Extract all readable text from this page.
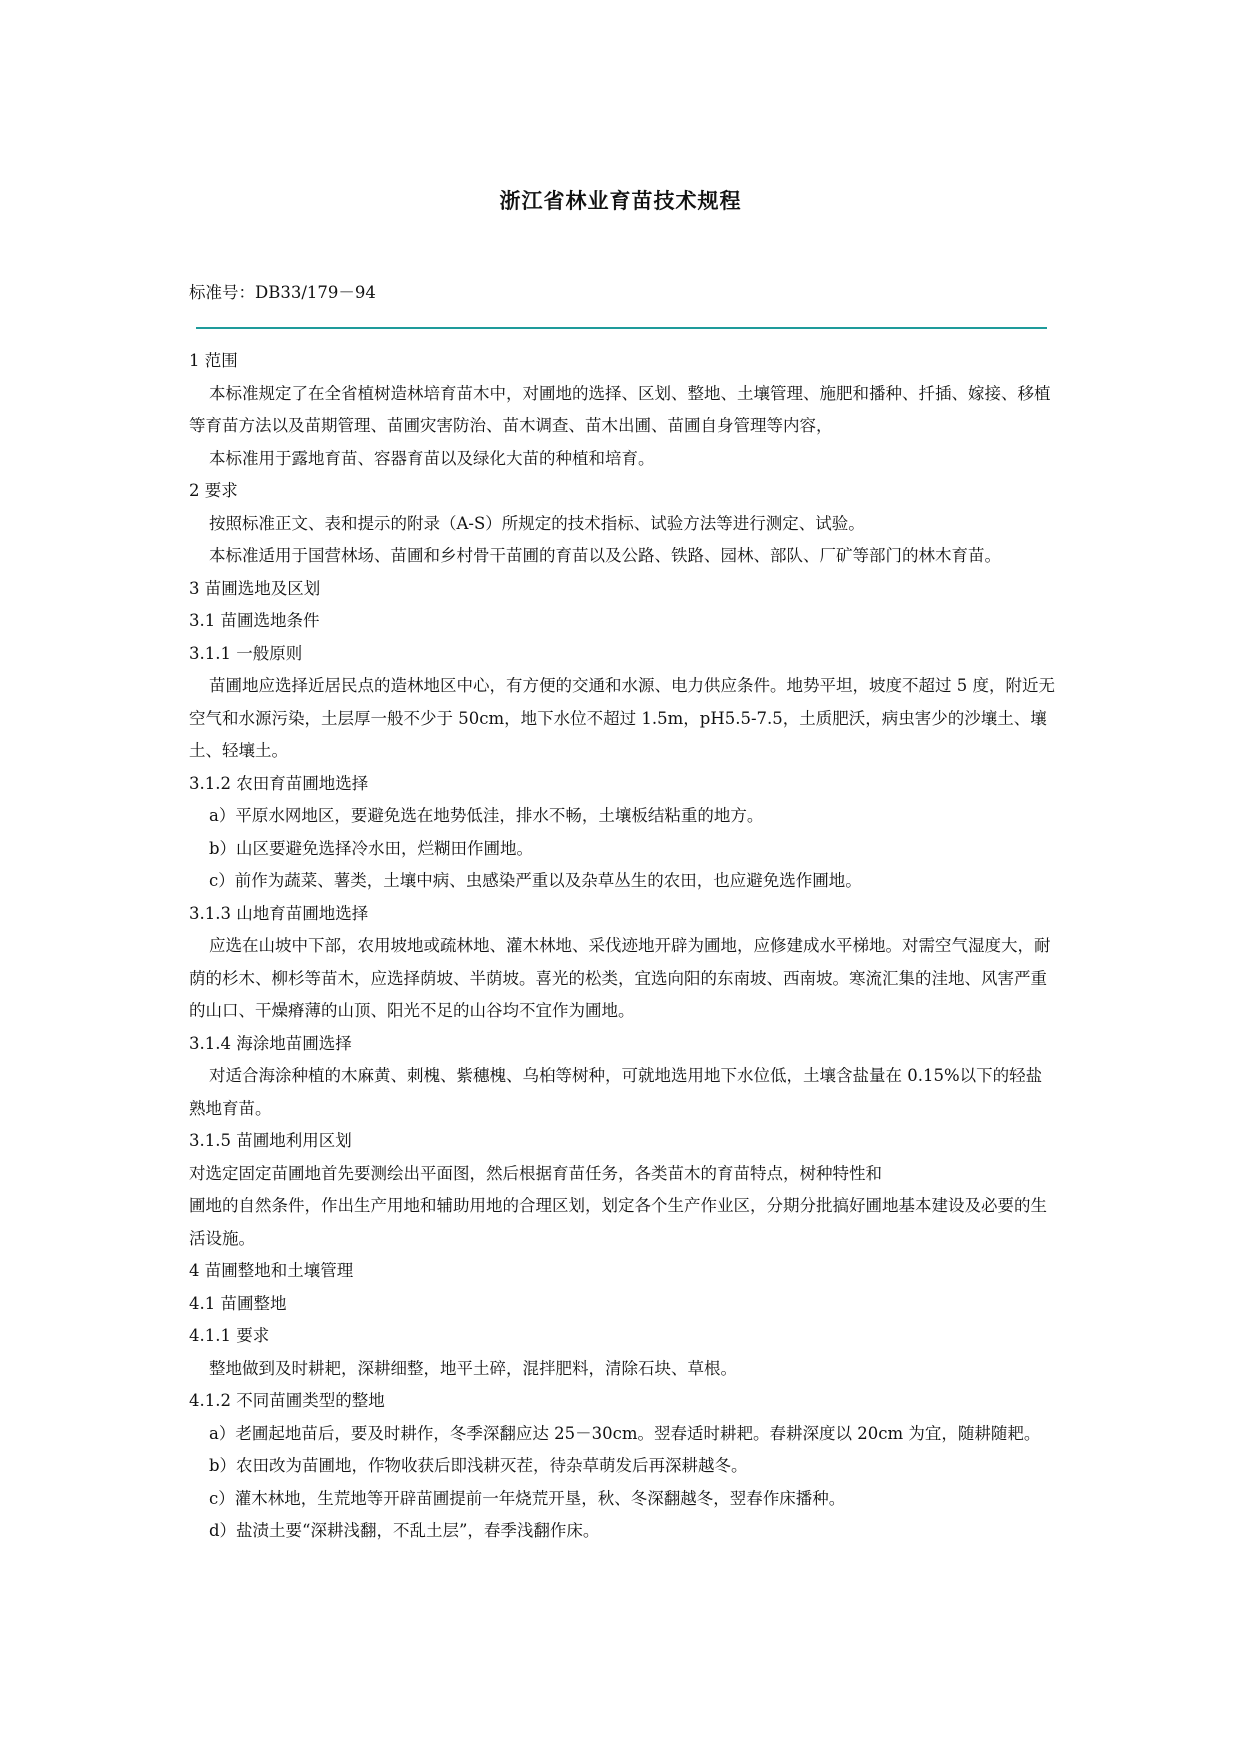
浙江省林业育苗技术规程
标准号：DB33/179－94

1 范围

本标准规定了在全省植树造林培育苗木中，对圃地的选择、区划、整地、土壤管理、施肥和播种、扦插、嫁接、移植等育苗方法以及苗期管理、苗圃灾害防治、苗木调查、苗木出圃、苗圃自身管理等内容，

本标准用于露地育苗、容器育苗以及绿化大苗的种植和培育。

2 要求

按照标准正文、表和提示的附录（A-S）所规定的技术指标、试验方法等进行测定、试验。

本标准适用于国营林场、苗圃和乡村骨干苗圃的育苗以及公路、铁路、园林、部队、厂矿等部门的林木育苗。

3 苗圃选地及区划

3.1 苗圃选地条件

3.1.1 一般原则

苗圃地应选择近居民点的造林地区中心，有方便的交通和水源、电力供应条件。地势平坦，坡度不超过 5 度，附近无空气和水源污染，土层厚一般不少于 50cm，地下水位不超过 1.5m，pH5.5-7.5，土质肥沃，病虫害少的沙壤土、壤土、轻壤土。

3.1.2 农田育苗圃地选择

a）平原水网地区，要避免选在地势低洼，排水不畅，土壤板结粘重的地方。

b）山区要避免选择冷水田，烂糊田作圃地。

c）前作为蔬菜、薯类，土壤中病、虫感染严重以及杂草丛生的农田，也应避免选作圃地。

3.1.3 山地育苗圃地选择

应选在山坡中下部，农用坡地或疏林地、灌木林地、采伐迹地开辟为圃地，应修建成水平梯地。对需空气湿度大，耐荫的杉木、柳杉等苗木，应选择荫坡、半荫坡。喜光的松类，宜选向阳的东南坡、西南坡。寒流汇集的洼地、风害严重的山口、干燥瘠薄的山顶、阳光不足的山谷均不宜作为圃地。

3.1.4 海涂地苗圃选择

对适合海涂种植的木麻黄、刺槐、紫穗槐、乌桕等树种，可就地选用地下水位低，土壤含盐量在 0.15%以下的轻盐熟地育苗。

3.1.5 苗圃地利用区划

对选定固定苗圃地首先要测绘出平面图，然后根据育苗任务，各类苗木的育苗特点，树种特性和

圃地的自然条件，作出生产用地和辅助用地的合理区划，划定各个生产作业区，分期分批搞好圃地基本建设及必要的生活设施。

4 苗圃整地和土壤管理

4.1 苗圃整地

4.1.1 要求

整地做到及时耕耙，深耕细整，地平土碎，混拌肥料，清除石块、草根。

4.1.2 不同苗圃类型的整地

a）老圃起地苗后，要及时耕作，冬季深翻应达 25－30cm。翌春适时耕耙。春耕深度以 20cm 为宜，随耕随耙。

b）农田改为苗圃地，作物收获后即浅耕灭茬，待杂草萌发后再深耕越冬。

c）灌木林地，生荒地等开辟苗圃提前一年烧荒开垦，秋、冬深翻越冬，翌春作床播种。

d）盐渍土要“深耕浅翻，不乱土层”，春季浅翻作床。
